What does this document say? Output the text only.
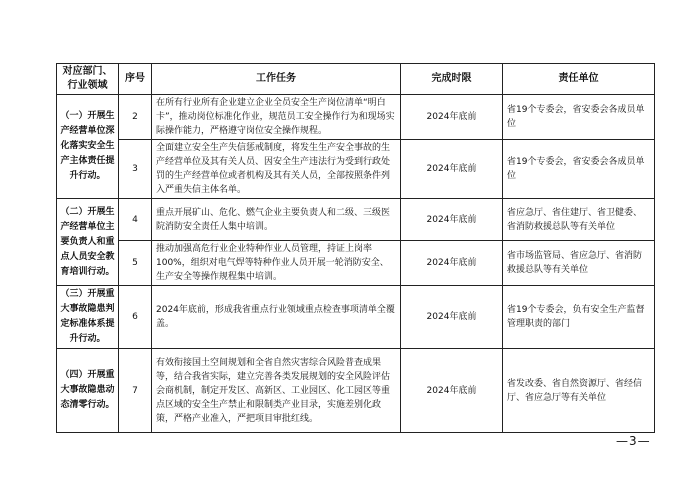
对应部门、行业领域	序号	工作任务	完成时限	责任单位
（一）开展生产经营单位深化落实安全生产主体责任提升行动。	2	在所有行业所有企业建立企业全员安全生产岗位清单“明白卡”，推动岗位标准化作业，规范员工安全操作行为和现场实际操作能力，严格遵守岗位安全操作规程。	2024年底前	省19个专委会，省安委会各成员单位
	3	全面建立安全生产失信惩戒制度，将发生生产安全事故的生产经营单位及其有关人员、因安全生产违法行为受到行政处罚的生产经营单位或者机构及其有关人员，全部按照条件列入严重失信主体名单。	2024年底前	省19个专委会，省安委会各成员单位
（二）开展生产经营单位主要负责人和重点人员安全教育培训行动。	4	重点开展矿山、危化、燃气企业主要负责人和二级、三级医院消防安全责任人集中培训。	2024年底前	省应急厅、省住建厅、省卫健委、省消防救援总队等有关单位
	5	推动加强高危行业企业特种作业人员管理，持证上岗率100%，组织对电气焊等特种作业人员开展一轮消防安全、生产安全等操作规程集中培训。	2024年底前	省市场监管局、省应急厅、省消防救援总队等有关单位
（三）开展重大事故隐患判定标准体系提升行动。	6	2024年底前，形成我省重点行业领域重点检查事项清单全覆盖。	2024年底前	省19个专委会，负有安全生产监督管理职责的部门
（四）开展重大事故隐患动态清零行动。	7	有效衔接国土空间规划和全省自然灾害综合风险普查成果等，结合我省实际，建立完善各类发展规划的安全风险评估会商机制，制定开发区、高新区、工业园区、化工园区等重点区域的安全生产禁止和限制类产业目录，实施差别化政策，严格产业准入，严把项目审批红线。	2024年底前	省发改委、省自然资源厅、省经信厅、省应急厅等有关单位
—3—
